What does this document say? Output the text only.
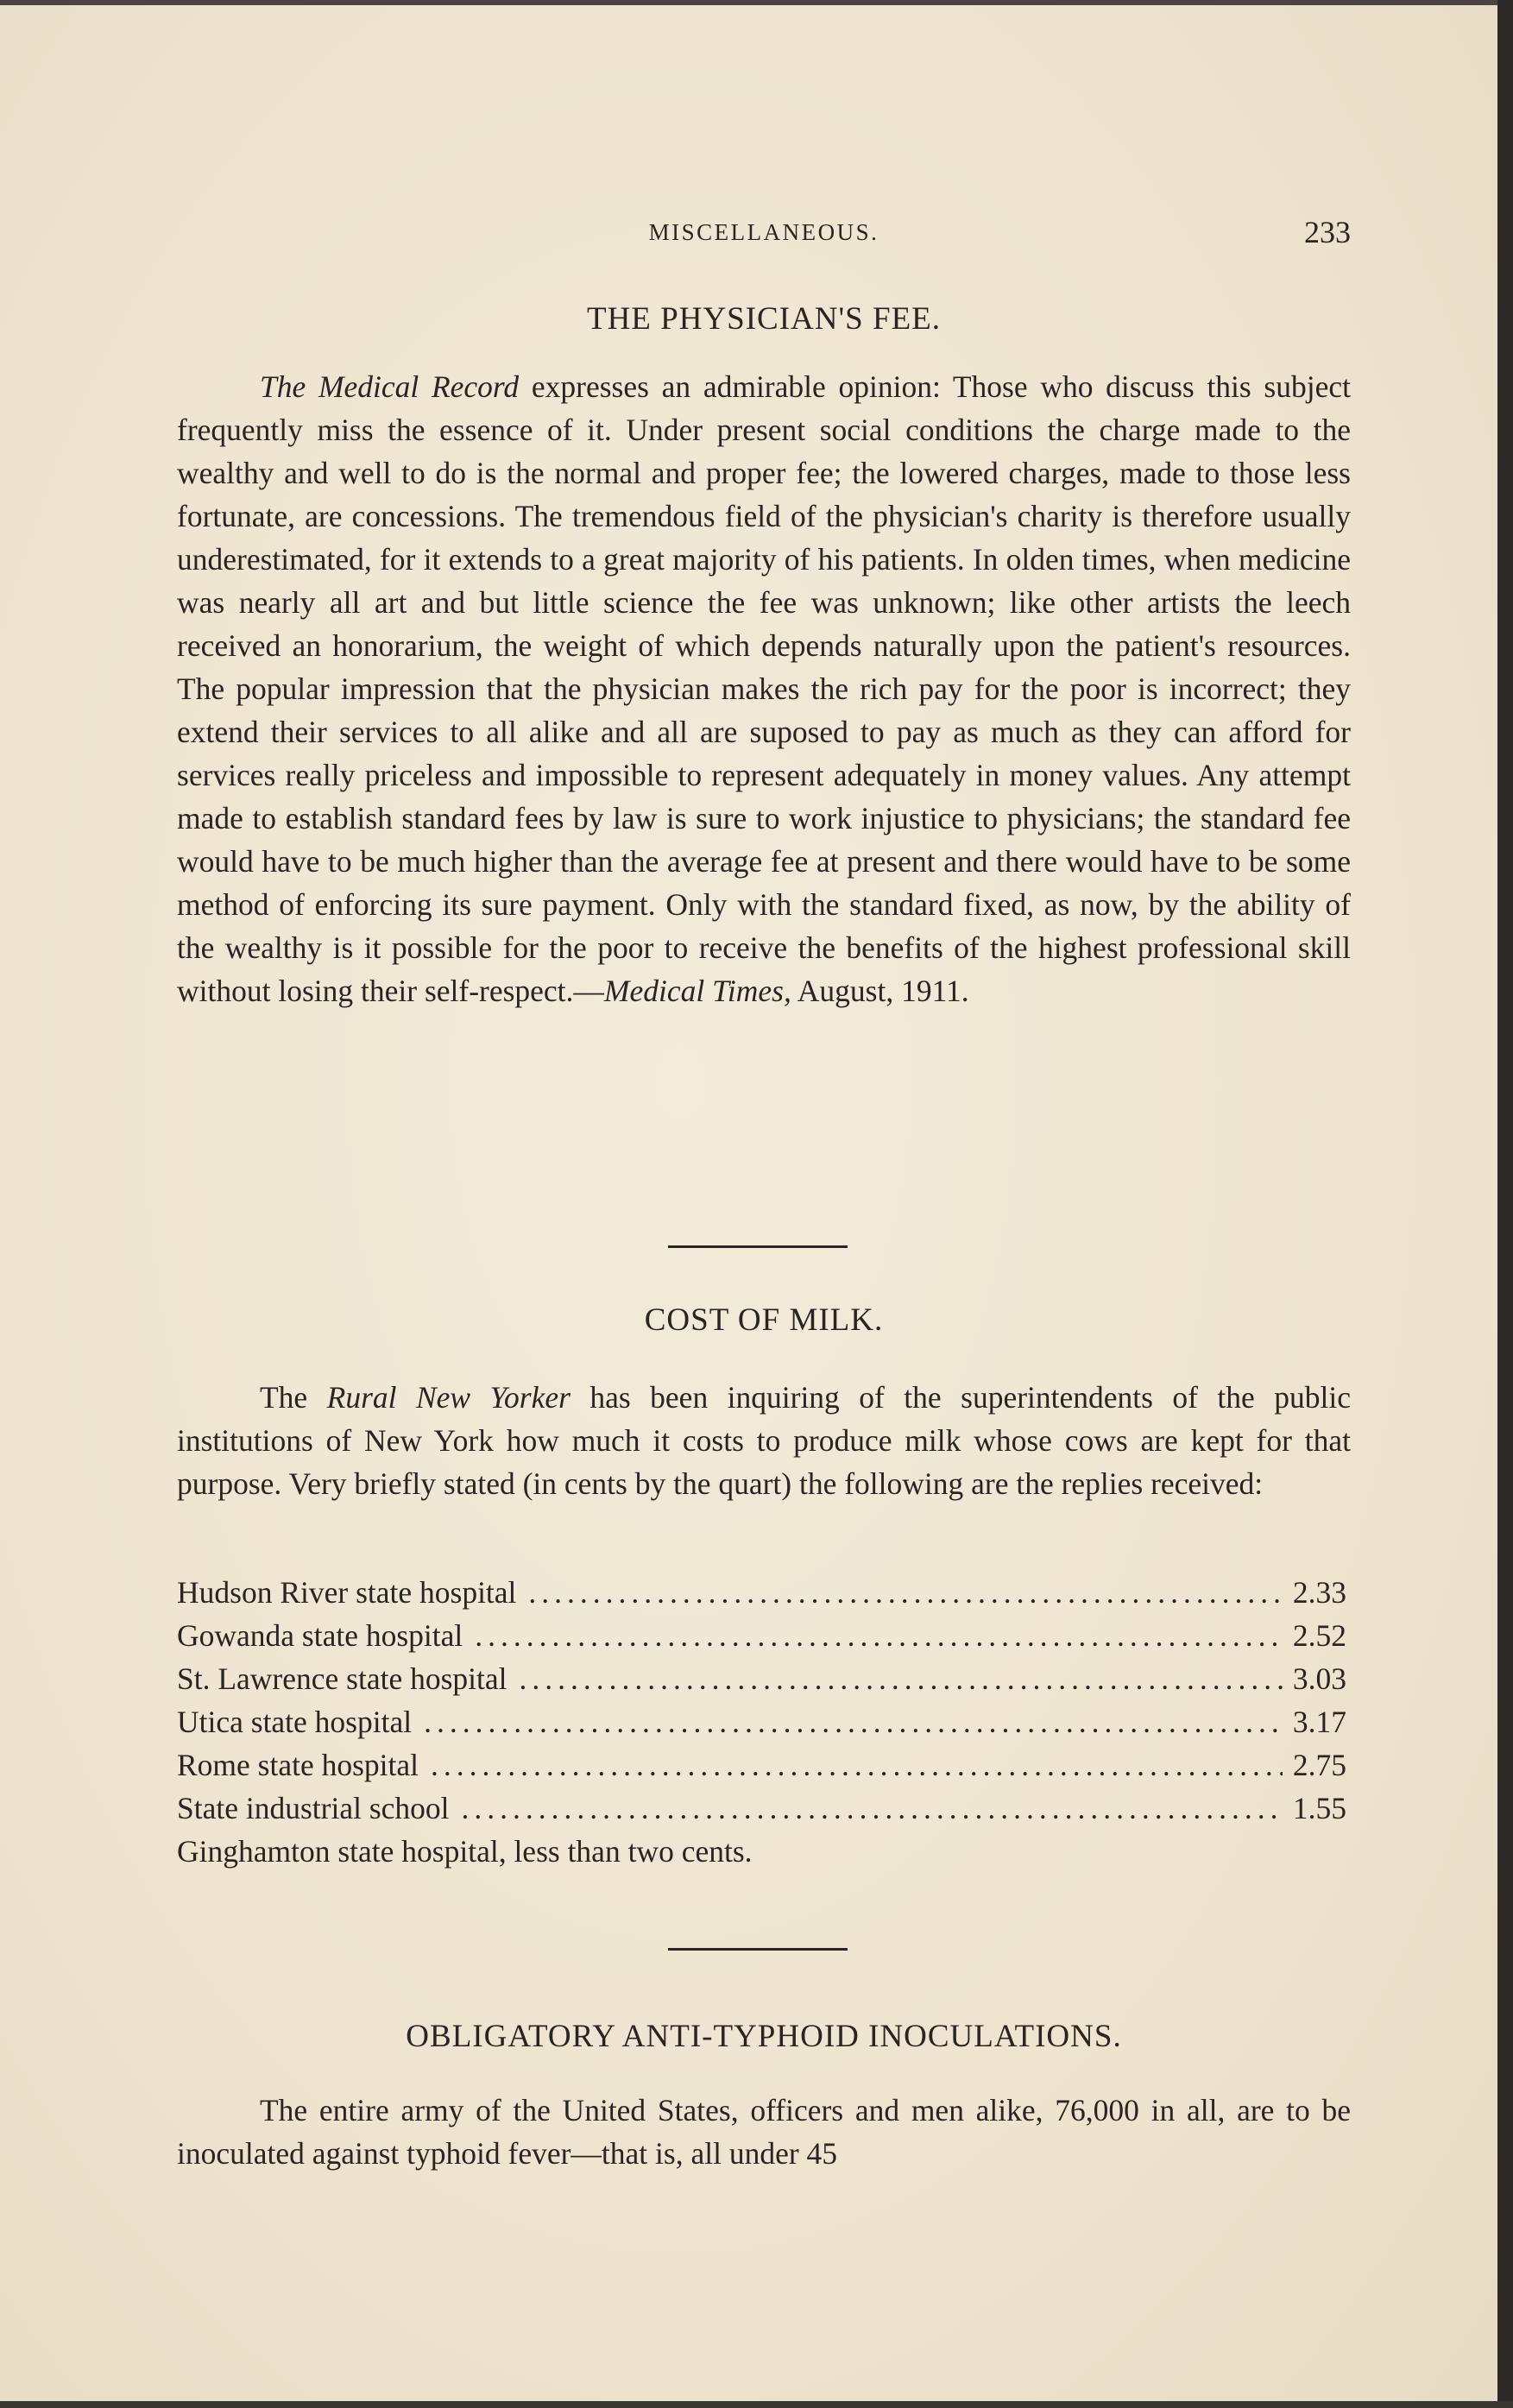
MISCELLANEOUS.	233
THE PHYSICIAN'S FEE.

The Medical Record expresses an admirable opinion: Those who discuss this subject frequently miss the essence of it. Under present social conditions the charge made to the wealthy and well to do is the normal and proper fee; the lowered charges, made to those less fortunate, are concessions. The tremendous field of the physician's charity is therefore usually underestimated, for it extends to a great majority of his patients. In olden times, when medicine was nearly all art and but little science the fee was unknown; like other artists the leech received an honorarium, the weight of which depends naturally upon the patient's resources. The popular impression that the physician makes the rich pay for the poor is incorrect; they extend their services to all alike and all are suposed to pay as much as they can afford for services really priceless and impossible to represent adequately in money values. Any attempt made to establish standard fees by law is sure to work injustice to physicians; the standard fee would have to be much higher than the average fee at present and there would have to be some method of enforcing its sure payment. Only with the standard fixed, as now, by the ability of the wealthy is it possible for the poor to receive the benefits of the highest professional skill without losing their self-respect.—Medical Times, August, 1911.

COST OF MILK.

The Rural New Yorker has been inquiring of the superintendents of the public institutions of New York how much it costs to produce milk whose cows are kept for that purpose. Very briefly stated (in cents by the quart) the following are the replies received:

Hudson River state hospital .....	2.33
Gowanda state hospital .....	2.52
St. Lawrence state hospital .....	3.03
Utica state hospital .....	3.17
Rome state hospital .....	2.75
State industrial school .....	1.55
Ginghamton state hospital, less than two cents.
OBLIGATORY ANTI-TYPHOID INOCULATIONS.

The entire army of the United States, officers and men alike, 76,000 in all, are to be inoculated against typhoid fever—that is, all under 45
